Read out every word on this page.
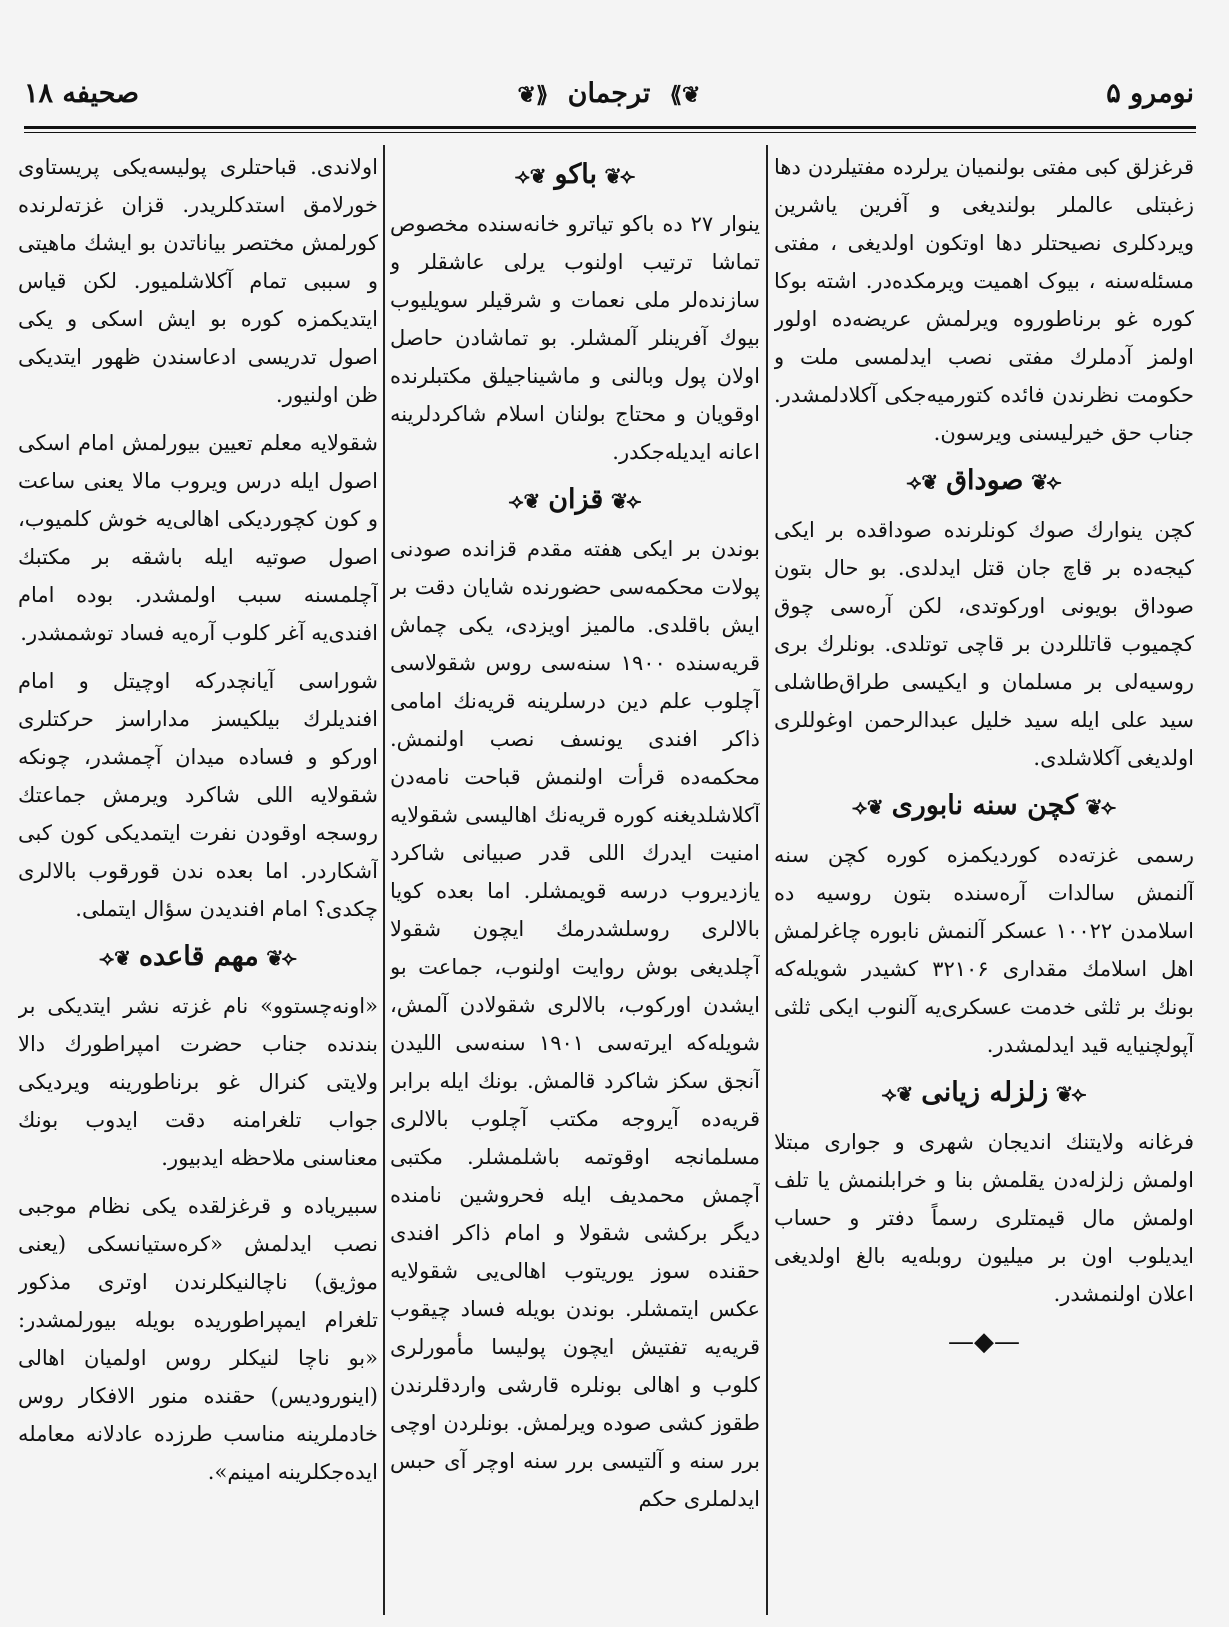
نومرو ۵
❦⟫ ترجمان ⟪❦
صحیفه ۱۸

قرغزلق کبی مفتی بولنمیان یرلرده مفتیلردن دها زغبتلی عالملر بولندیغی و آفرین یاشرین ویردکلری نصیحتلر دها اوتکون اولدیغی ، مفتی مسئله‌سنه ، بیوک اهمیت ویرمکده‌در. اشته بوکا کوره غو برناطوروه ویرلمش عریضه‌ده اولور اولمز آدملرك مفتی نصب ایدلمسی ملت و حکومت نظرندن فائده کتورمیه‌جکی آکلادلمشدر. جناب حق خیرلیسنی ویرسون.

⟢❦صوداق❦⟣

کچن ینوارك صوك کونلرنده صوداقده بر ایکی کیجه‌ده بر قاچ جان قتل ایدلدی. بو حال بتون صوداق بویونی اورکوتدی، لکن آره‌سی چوق کچمیوب قاتللردن بر قاچی توتلدی. بونلرك بری روسیه‌لی بر مسلمان و ایکیسی طراق‌طاشلی سید علی ایله سید خلیل عبدالرحمن اوغوللری اولدیغی آکلاشلدی.

⟢❦کچن سنه نابوری❦⟣

رسمی غزته‌ده کوردیکمزه کوره کچن سنه آلنمش سالدات آره‌سنده بتون روسیه ده اسلامدن ۱۰۰۲۲ عسکر آلنمش نابوره چاغرلمش اهل اسلامك مقداری ۳۲۱۰۶ کشیدر شویله‌که بونك بر ثلثی خدمت عسکری‌یه آلنوب ایکی ثلثی آپولچنیایه قید ایدلمشدر.

⟢❦زلزله زیانی❦⟣

فرغانه ولایتنك اندیجان شهری و جواری مبتلا اولمش زلزله‌دن یقلمش بنا و خرابلنمش یا تلف اولمش مال قیمتلری رسماً دفتر و حساب ایدیلوب اون بر میلیون روبله‌یه بالغ اولدیغی اعلان اولنمشدر.

—◆—
⟢❦باکو❦⟣

ینوار ۲۷ ده باکو تیاترو خانه‌سنده مخصوص تماشا ترتیب اولنوب یرلی عاشقلر و سازنده‌لر ملی نعمات و شرقیلر سویلیوب بیوك آفرینلر آلمشلر. بو تماشادن حاصل اولان پول وبالنی و ماشیناجیلق مکتبلرنده اوقویان و محتاج بولنان اسلام شاکردلرینه اعانه ایدیله‌جکدر.

⟢❦قزان❦⟣

بوندن بر ایکی هفته مقدم قزانده صودنی پولات محکمه‌سی حضورنده شایان دقت بر ایش باقلدی. مالمیز اویزدی، یکی چماش قریه‌سنده ۱۹۰۰ سنه‌سی روس شقولاسی آچلوب علم دین درسلرینه قریه‌نك امامی ذاکر افندی یونسف نصب اولنمش. محکمه‌ده قرأت اولنمش قباحت نامه‌دن آکلاشلدیغنه کوره قریه‌نك اهالیسی شقولایه امنیت ایدرك اللی قدر صبیانی شاکرد یازدیروب درسه قویمشلر. اما بعده کویا بالالری روسلشدرمك ایچون شقولا آچلدیغی بوش روایت اولنوب، جماعت بو ایشدن اورکوب، بالالری شقولادن آلمش، شویله‌که ایرته‌سی ۱۹۰۱ سنه‌سی اللیدن آنجق سکز شاکرد قالمش. بونك ایله برابر قریه‌ده آیروجه مکتب آچلوب بالالری مسلمانجه اوقوتمه باشلمشلر. مکتبی آچمش محمدیف ایله فحروشین نامنده دیگر برکشی شقولا و امام ذاکر افندی حقنده سوز یوریتوب اهالی‌یی شقولایه عکس ایتمشلر. بوندن بویله فساد چیقوب قریه‌یه تفتیش ایچون پولیسا مأمورلری کلوب و اهالی بونلره قارشی واردقلرندن طقوز کشی صوده ویرلمش. بونلردن اوچی برر سنه و آلتیسی برر سنه اوچر آی حبس ایدلملری حکم

اولاندی. قباحتلری پولیسه‌یکی پریستاوی خورلامق استدکلریدر. قزان غزته‌لرنده کورلمش مختصر بیاناتدن بو ایشك ماهیتی و سببی تمام آکلاشلمیور. لکن قیاس ایتدیکمزه کوره بو ایش اسکی و یکی اصول تدریسی ادعاسندن ظهور ایتدیکی ظن اولنیور.

شقولایه معلم تعیین بیورلمش امام اسکی اصول ایله درس ویروب مالا یعنی ساعت و کون کچوردیکی اهالی‌یه خوش کلمیوب، اصول صوتیه ایله باشقه بر مکتبك آچلمسنه سبب اولمشدر. بوده امام افندی‌یه آغر کلوب آره‌یه فساد توشمشدر.

شوراسی آیانچدرکه اوچیتل و امام افندیلرك بیلکیسز مداراسز حرکتلری اورکو و فساده میدان آچمشدر، چونکه شقولایه اللی شاکرد ویرمش جماعتك روسجه اوقودن نفرت ایتمدیکی کون کبی آشکاردر. اما بعده ندن قورقوب بالالری چکدی؟ امام افندیدن سؤال ایتملی.

⟢❦مهم قاعده❦⟣

«اونه‌چستوو» نام غزته نشر ایتدیکی بر بندنده جناب حضرت امپراطورك دالا ولایتی کنرال غو برناطورینه ویردیکی جواب تلغرامنه دقت ایدوب بونك معناسنی ملاحظه ایدبیور.

سبیریاده و قرغزلقده یکی نظام موجبی نصب ایدلمش «کره‌ستیانسکی (یعنی موژیق) ناچالنیکلرندن اوتری مذکور تلغرام ایمپراطوریده بویله بیورلمشدر: «بو ناچا لنیکلر روس اولمیان اهالی (اینورودیس) حقنده منور الافکار روس خادملرینه مناسب طرزده عادلانه معامله ایده‌جکلرینه امینم».
